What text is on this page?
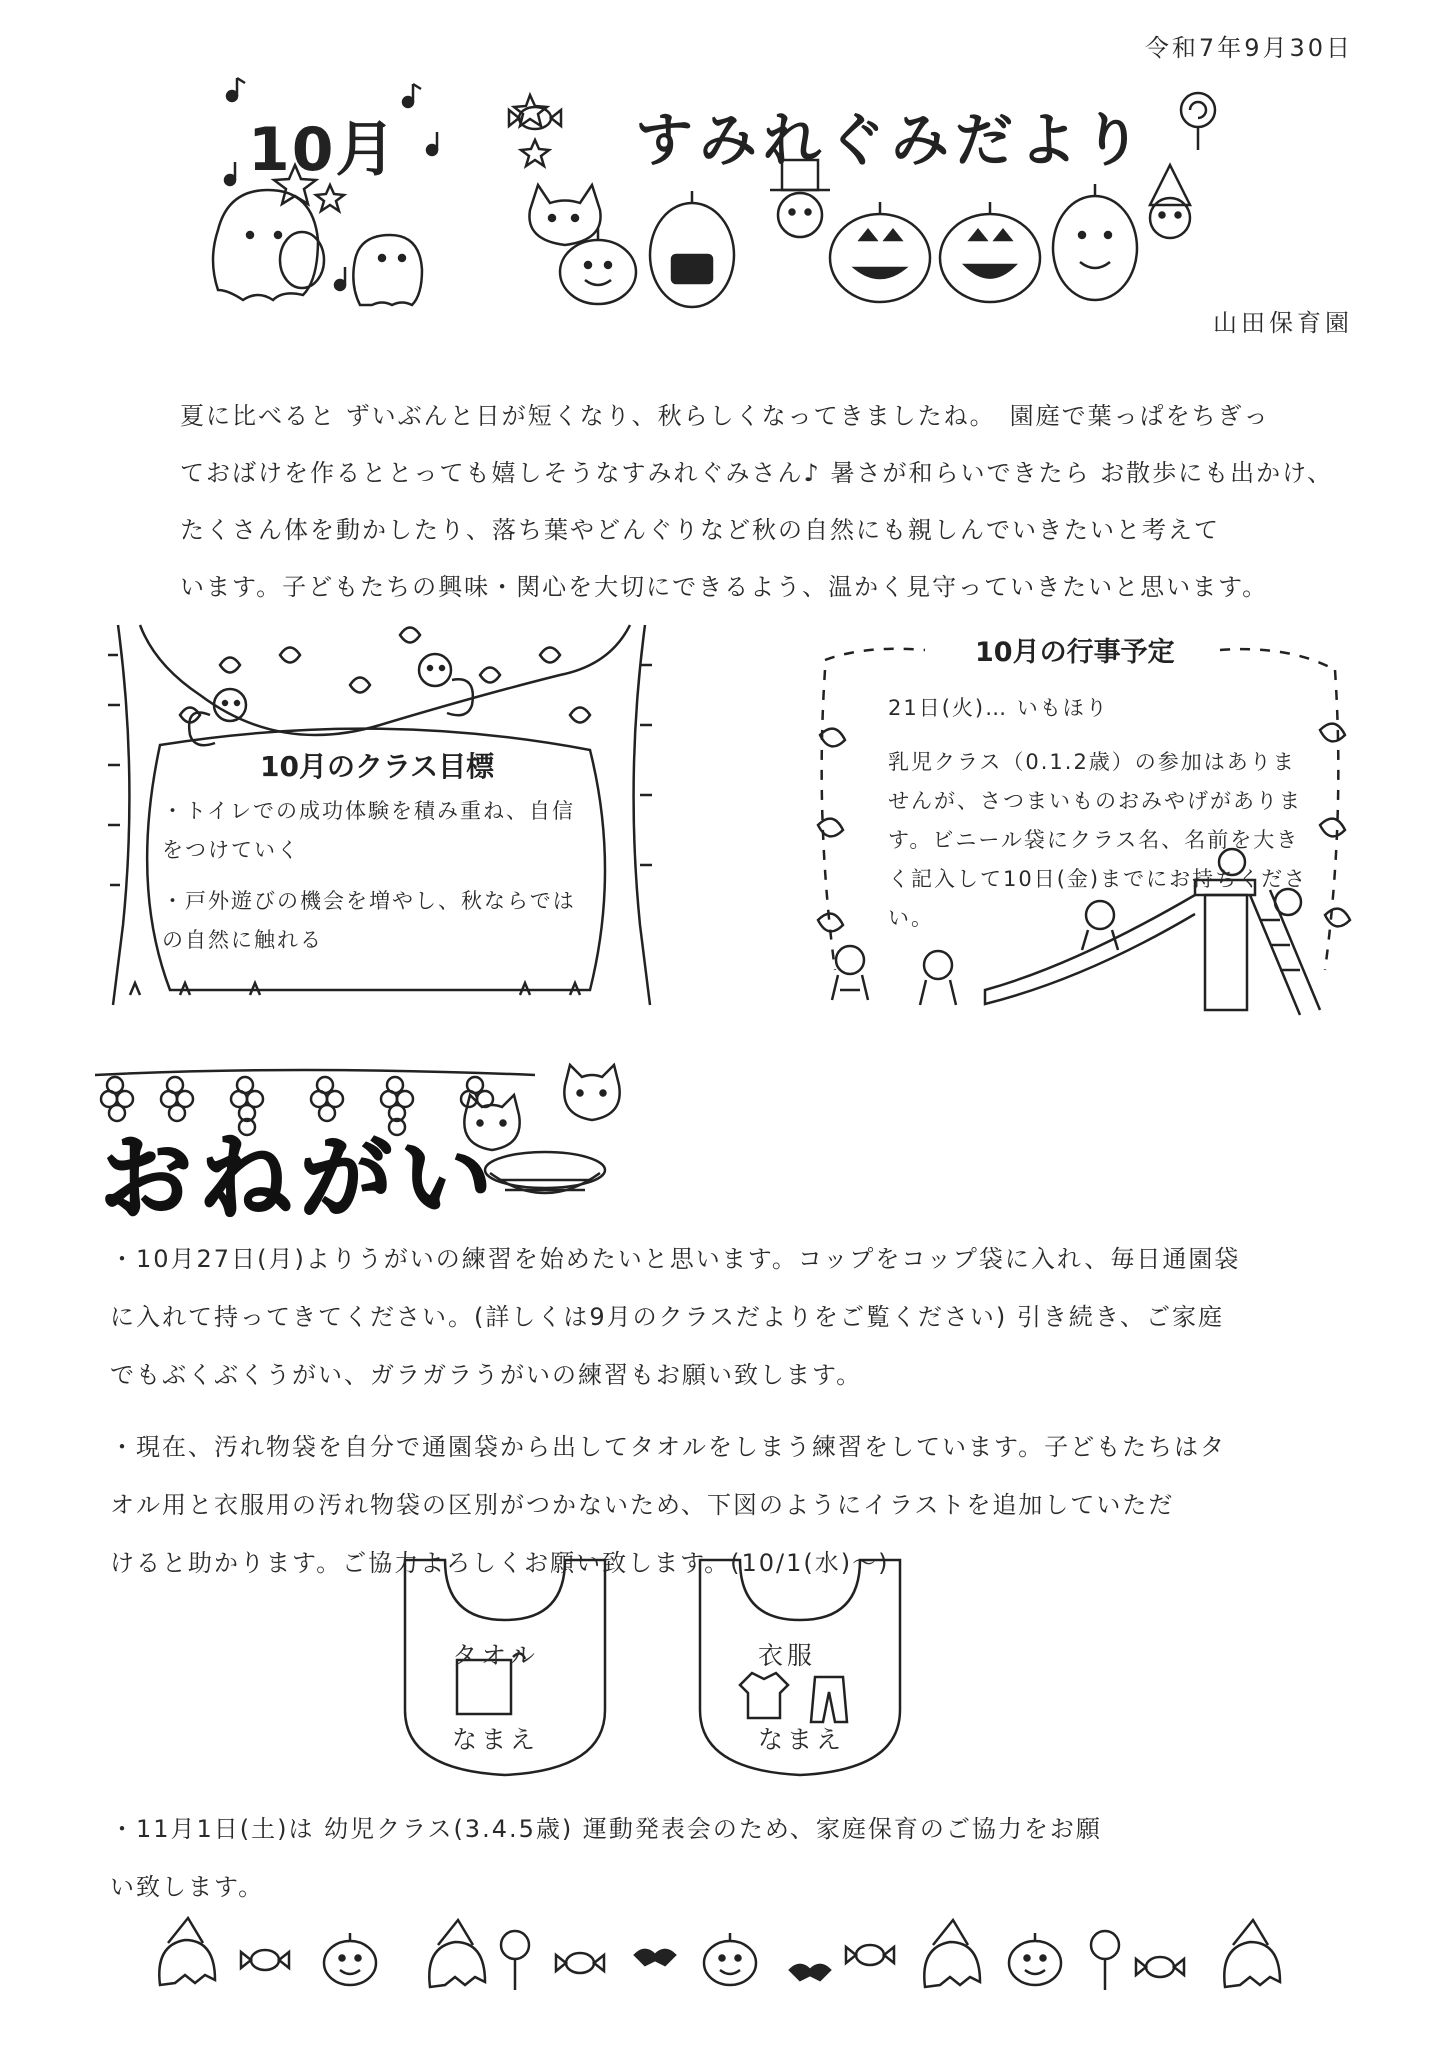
令和7年9月30日
10月	すみれぐみだより
山田保育園

夏に比べると ずいぶんと日が短くなり、秋らしくなってきましたね。　園庭で葉っぱをちぎっ

ておばけを作るととっても嬉しそうなすみれぐみさん♪ 暑さが和らいできたら お散歩にも出かけ、

たくさん体を動かしたり、落ち葉やどんぐりなど秋の自然にも親しんでいきたいと考えて

います。子どもたちの興味・関心を大切にできるよう、温かく見守っていきたいと思います。

10月のクラス目標
・トイレでの成功体験を積み重ね、自信をつけていく
・戸外遊びの機会を増やし、秋ならではの自然に触れる
10月の行事予定
21日(火)… いもほり
乳児クラス（0.1.2歳）の参加はありませんが、さつまいものおみやげがあります。ビニール袋にクラス名、名前を大きく記入して10日(金)までにお持ちください。
おねがい

・10月27日(月)よりうがいの練習を始めたいと思います。コップをコップ袋に入れ、毎日通園袋

に入れて持ってきてください。(詳しくは9月のクラスだよりをご覧ください) 引き続き、ご家庭

でもぶくぶくうがい、ガラガラうがいの練習もお願い致します。

・現在、汚れ物袋を自分で通園袋から出してタオルをしまう練習をしています。子どもたちはタ

オル用と衣服用の汚れ物袋の区別がつかないため、下図のようにイラストを追加していただ

けると助かります。ご協力よろしくお願い致します。(10/1(水)〜)

タオル
なまえ
衣服
なまえ

・11月1日(土)は 幼児クラス(3.4.5歳) 運動発表会のため、家庭保育のご協力をお願

い致します。
